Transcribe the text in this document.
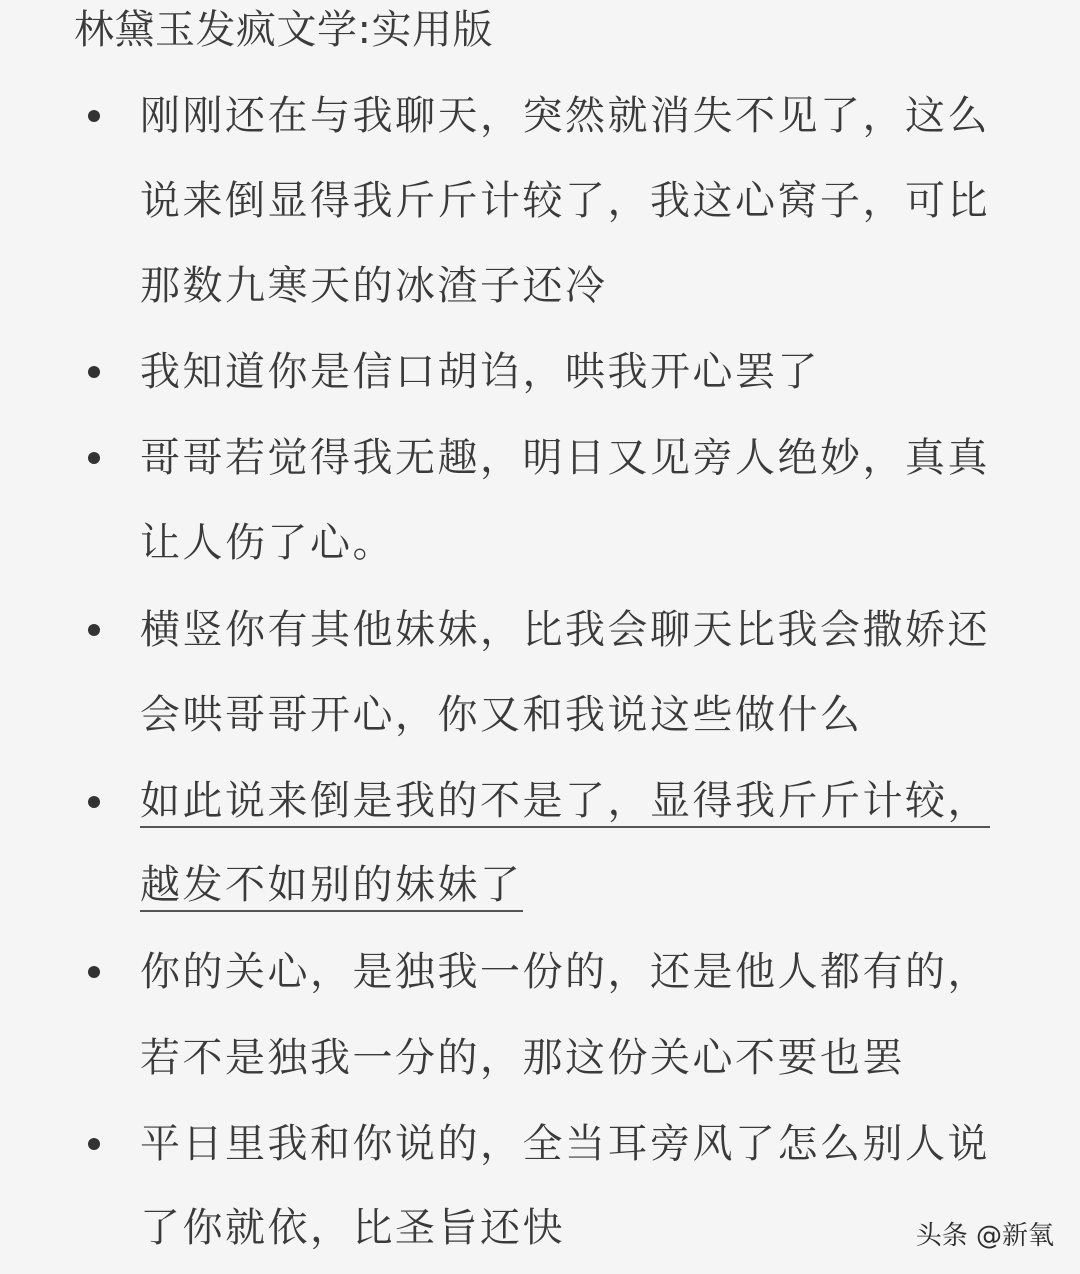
林黛玉发疯文学:实用版
刚刚还在与我聊天，突然就消失不见了，这么
说来倒显得我斤斤计较了，我这心窝子，可比
那数九寒天的冰渣子还冷
我知道你是信口胡诌，哄我开心罢了
哥哥若觉得我无趣，明日又见旁人绝妙，真真
让人伤了心。
横竖你有其他妹妹，比我会聊天比我会撒娇还
会哄哥哥开心，你又和我说这些做什么
如此说来倒是我的不是了，显得我斤斤计较，
越发不如别的妹妹了
你的关心，是独我一份的，还是他人都有的，
若不是独我一分的，那这份关心不要也罢
平日里我和你说的，全当耳旁风了怎么别人说
了你就依，比圣旨还快	头条 @新氧
